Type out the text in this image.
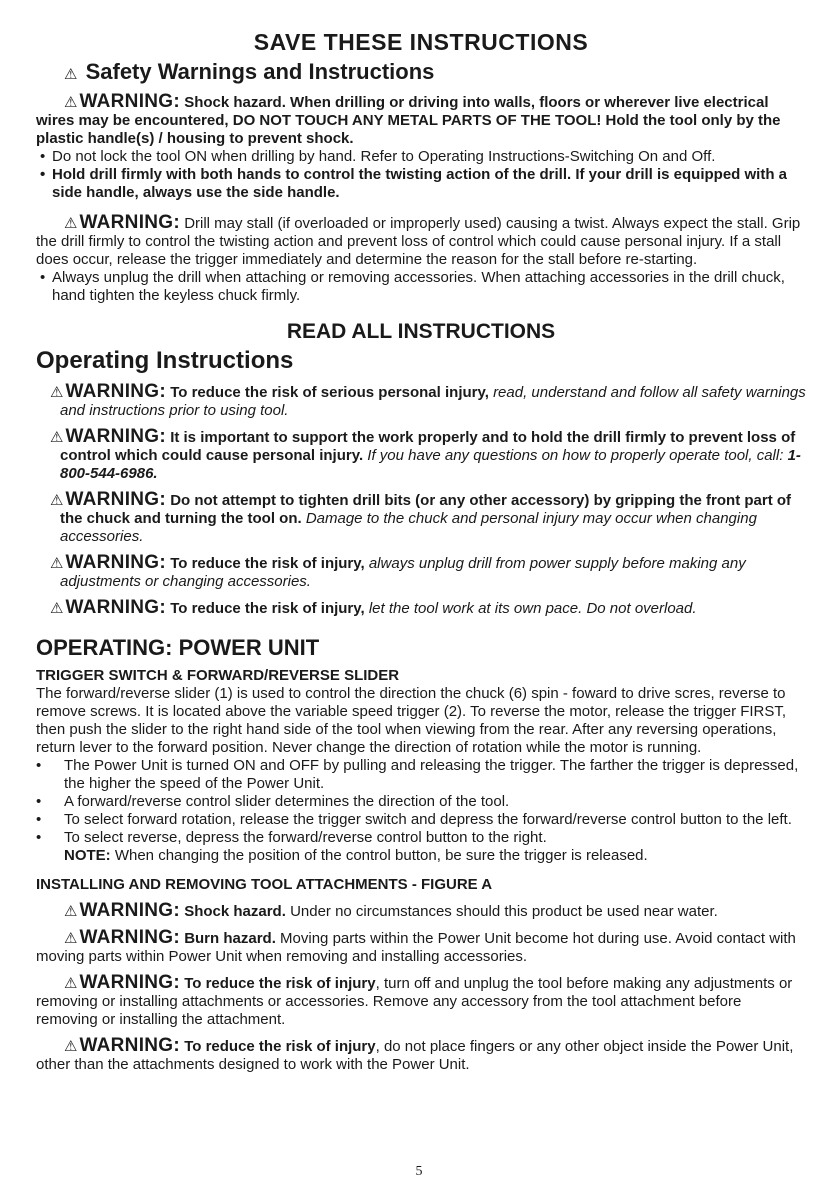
SAVE THESE INSTRUCTIONS
⚠ Safety Warnings and Instructions

⚠ WARNING: Shock hazard. When drilling or driving into walls, floors or wherever live electrical wires may be encountered, DO NOT TOUCH ANY METAL PARTS OF THE TOOL! Hold the tool only by the plastic handle(s) / housing to prevent shock.

• Do not lock the tool ON when drilling by hand. Refer to Operating Instructions-Switching On and Off.
• Hold drill firmly with both hands to control the twisting action of the drill. If your drill is equipped with a side handle, always use the side handle.

⚠ WARNING: Drill may stall (if overloaded or improperly used) causing a twist. Always expect the stall. Grip the drill firmly to control the twisting action and prevent loss of control which could cause personal injury. If a stall does occur, release the trigger immediately and determine the reason for the stall before re-starting.

• Always unplug the drill when attaching or removing accessories. When attaching accessories in the drill chuck, hand tighten the keyless chuck firmly.
READ ALL INSTRUCTIONS
Operating Instructions

⚠ WARNING: To reduce the risk of serious personal injury, read, understand and follow all safety warnings and instructions prior to using tool.

⚠ WARNING: It is important to support the work properly and to hold the drill firmly to prevent loss of control which could cause personal injury. If you have any questions on how to properly operate tool, call: 1-800-544-6986.

⚠ WARNING: Do not attempt to tighten drill bits (or any other accessory) by gripping the front part of the chuck and turning the tool on. Damage to the chuck and personal injury may occur when changing accessories.

⚠ WARNING: To reduce the risk of injury, always unplug drill from power supply before making any adjustments or changing accessories.

⚠ WARNING: To reduce the risk of injury, let the tool work at its own pace. Do not overload.

OPERATING: POWER UNIT
TRIGGER SWITCH & FORWARD/REVERSE SLIDER

The forward/reverse slider (1) is used to control the direction the chuck (6) spin - foward to drive scres, reverse to remove screws. It is located above the variable speed trigger (2). To reverse the motor, release the trigger FIRST, then push the slider to the right hand side of the tool when viewing from the rear. After any reversing operations, return lever to the forward position. Never change the direction of rotation while the motor is running.

• The Power Unit is turned ON and OFF by pulling and releasing the trigger. The farther the trigger is depressed, the higher the speed of the Power Unit.
• A forward/reverse control slider determines the direction of the tool.
• To select forward rotation, release the trigger switch and depress the forward/reverse control button to the left.
• To select reverse, depress the forward/reverse control button to the right.
NOTE: When changing the position of the control button, be sure the trigger is released.
INSTALLING AND REMOVING TOOL ATTACHMENTS - FIGURE A

⚠ WARNING: Shock hazard. Under no circumstances should this product be used near water.

⚠ WARNING: Burn hazard. Moving parts within the Power Unit become hot during use. Avoid contact with moving parts within Power Unit when removing and installing accessories.

⚠ WARNING: To reduce the risk of injury, turn off and unplug the tool before making any adjustments or removing or installing attachments or accessories. Remove any accessory from the tool attachment before removing or installing the attachment.

⚠ WARNING: To reduce the risk of injury, do not place fingers or any other object inside the Power Unit, other than the attachments designed to work with the Power Unit.

5
